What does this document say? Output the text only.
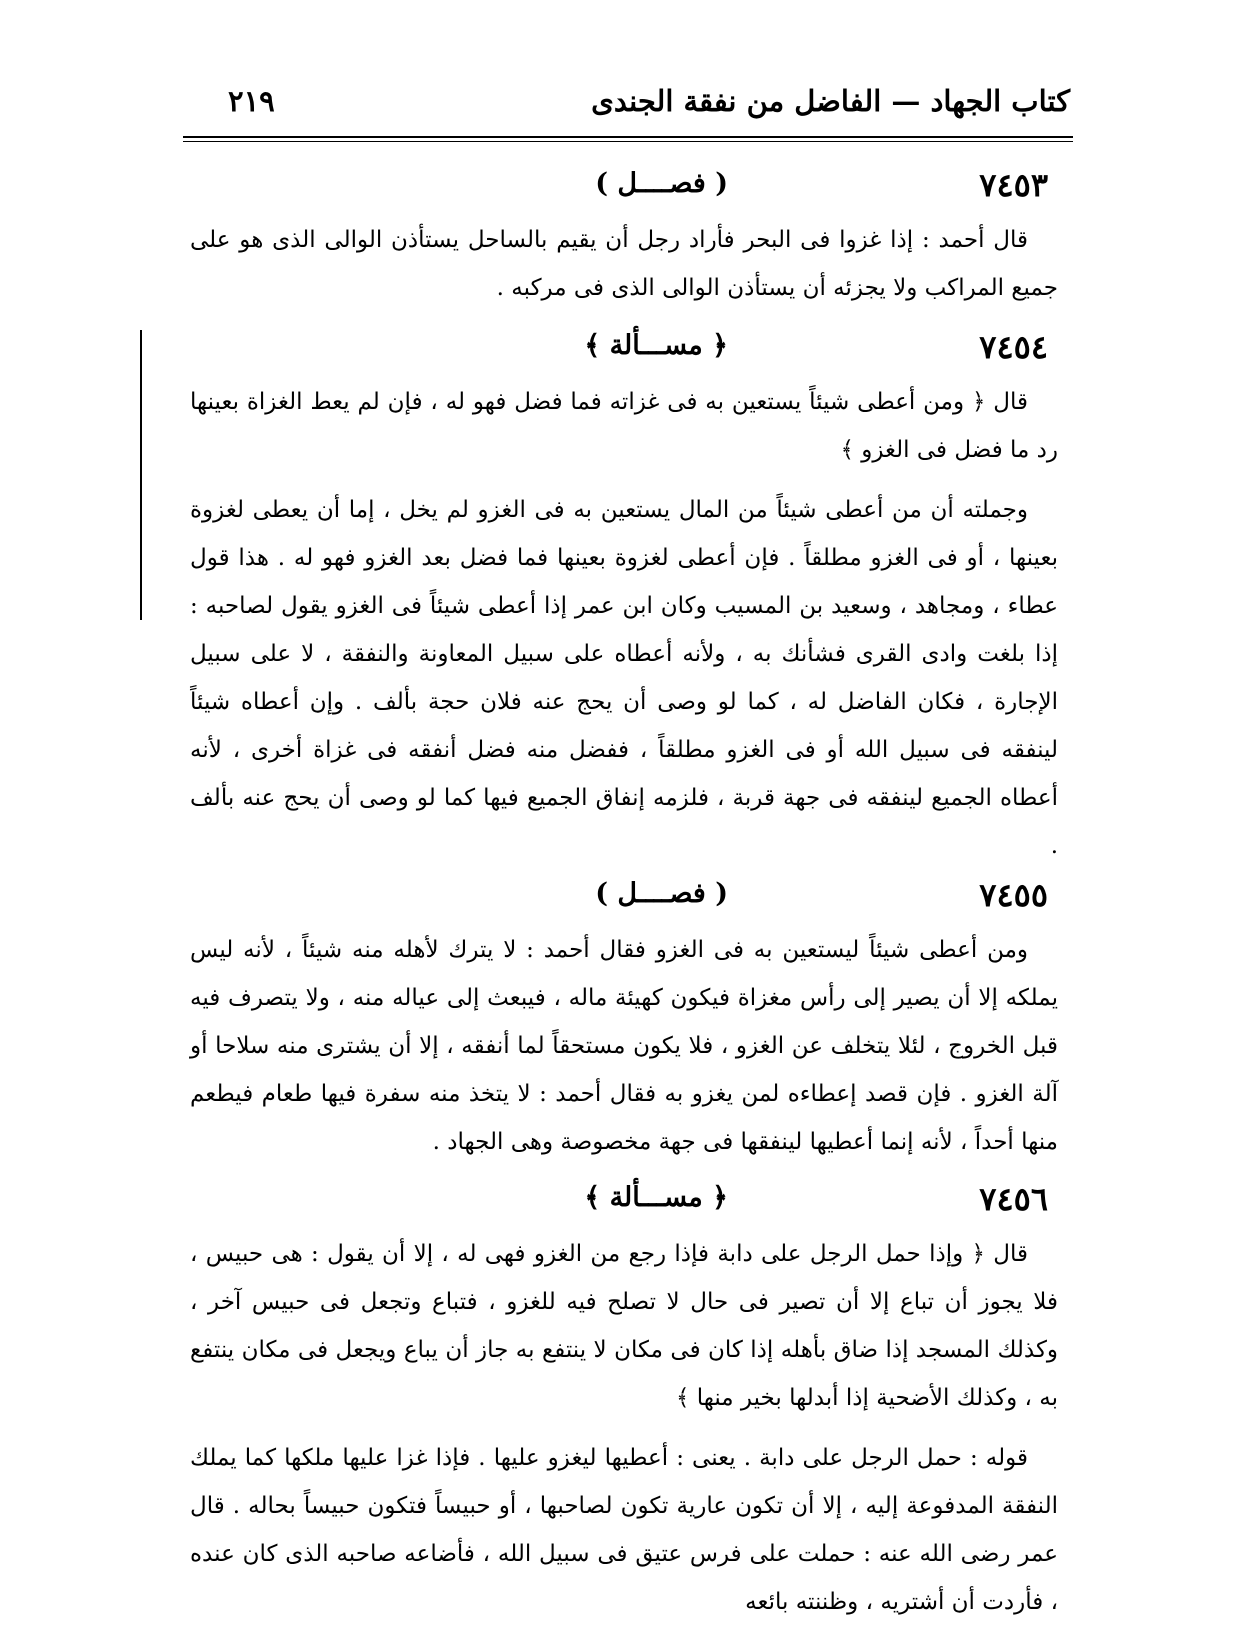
كتاب الجهاد — الفاضل من نفقة الجندى
٢١٩
٧٤٥٣
( فصــــل )

قال أحمد : إذا غزوا فى البحر فأراد رجل أن يقيم بالساحل يستأذن الوالى الذى هو على جميع المراكب ولا يجزئه أن يستأذن الوالى الذى فى مركبه .

٧٤٥٤
﴿ مســـألة ﴾

قال ﴿ ومن أعطى شيئاً يستعين به فى غزاته فما فضل فهو له ، فإن لم يعط الغزاة بعينها رد ما فضل فى الغزو ﴾

وجملته أن من أعطى شيئاً من المال يستعين به فى الغزو لم يخل ، إما أن يعطى لغزوة بعينها ، أو فى الغزو مطلقاً . فإن أعطى لغزوة بعينها فما فضل بعد الغزو فهو له . هذا قول عطاء ، ومجاهد ، وسعيد بن المسيب وكان ابن عمر إذا أعطى شيئاً فى الغزو يقول لصاحبه : إذا بلغت وادى القرى فشأنك به ، ولأنه أعطاه على سبيل المعاونة والنفقة ، لا على سبيل الإجارة ، فكان الفاضل له ، كما لو وصى أن يحج عنه فلان حجة بألف . وإن أعطاه شيئاً لينفقه فى سبيل الله أو فى الغزو مطلقاً ، ففضل منه فضل أنفقه فى غزاة أخرى ، لأنه أعطاه الجميع لينفقه فى جهة قربة ، فلزمه إنفاق الجميع فيها كما لو وصى أن يحج عنه بألف .

٧٤٥٥
( فصــــل )

ومن أعطى شيئاً ليستعين به فى الغزو فقال أحمد : لا يترك لأهله منه شيئاً ، لأنه ليس يملكه إلا أن يصير إلى رأس مغزاة فيكون كهيئة ماله ، فيبعث إلى عياله منه ، ولا يتصرف فيه قبل الخروج ، لئلا يتخلف عن الغزو ، فلا يكون مستحقاً لما أنفقه ، إلا أن يشترى منه سلاحا أو آلة الغزو . فإن قصد إعطاءه لمن يغزو به فقال أحمد : لا يتخذ منه سفرة فيها طعام فيطعم منها أحداً ، لأنه إنما أعطيها لينفقها فى جهة مخصوصة وهى الجهاد .

٧٤٥٦
﴿ مســـألة ﴾

قال ﴿ وإذا حمل الرجل على دابة فإذا رجع من الغزو فهى له ، إلا أن يقول : هى حبيس ، فلا يجوز أن تباع إلا أن تصير فى حال لا تصلح فيه للغزو ، فتباع وتجعل فى حبيس آخر ، وكذلك المسجد إذا ضاق بأهله إذا كان فى مكان لا ينتفع به جاز أن يباع ويجعل فى مكان ينتفع به ، وكذلك الأضحية إذا أبدلها بخير منها ﴾

قوله : حمل الرجل على دابة . يعنى : أعطيها ليغزو عليها . فإذا غزا عليها ملكها كما يملك النفقة المدفوعة إليه ، إلا أن تكون عارية تكون لصاحبها ، أو حبيساً فتكون حبيساً بحاله . قال عمر رضى الله عنه : حملت على فرس عتيق فى سبيل الله ، فأضاعه صاحبه الذى كان عنده ، فأردت أن أشتريه ، وظننته بائعه
